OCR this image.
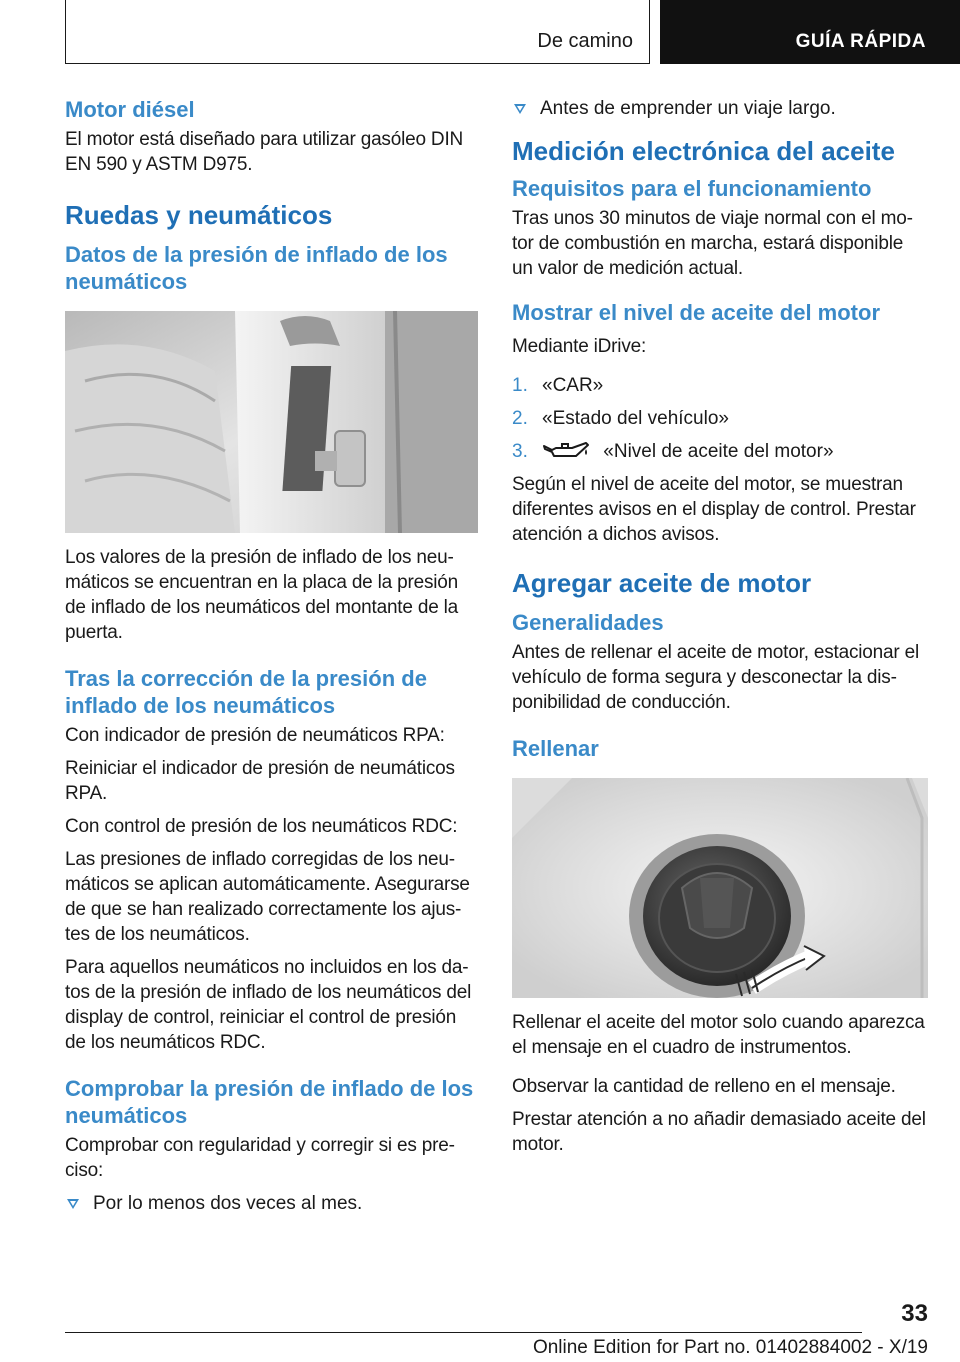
De camino	GUÍA RÁPIDA
Motor diésel

El motor está diseñado para utilizar gasóleo DIN EN 590 y ASTM D975.

Ruedas y neumáticos
Datos de la presión de inflado de los neumáticos

Los valores de la presión de inflado de los neumáticos se encuentran en la placa de la presión de inflado de los neumáticos del montante de la puerta.

Tras la corrección de la presión de inflado de los neumáticos

Con indicador de presión de neumáticos RPA:

Reiniciar el indicador de presión de neumáticos RPA.

Con control de presión de los neumáticos RDC:

Las presiones de inflado corregidas de los neumáticos se aplican automáticamente. Asegurarse de que se han realizado correctamente los ajustes de los neumáticos.

Para aquellos neumáticos no incluidos en los datos de la presión de inflado de los neumáticos del display de control, reiniciar el control de presión de los neumáticos RDC.

Comprobar la presión de inflado de los neumáticos

Comprobar con regularidad y corregir si es preciso:

Por lo menos dos veces al mes.
Antes de emprender un viaje largo.
Medición electrónica del aceite
Requisitos para el funcionamiento

Tras unos 30 minutos de viaje normal con el motor de combustión en marcha, estará disponible un valor de medición actual.

Mostrar el nivel de aceite del motor

Mediante iDrive:

1. «CAR»
2. «Estado del vehículo»
3.	«Nivel de aceite del motor»

Según el nivel de aceite del motor, se muestran diferentes avisos en el display de control. Prestar atención a dichos avisos.

Agregar aceite de motor
Generalidades

Antes de rellenar el aceite de motor, estacionar el vehículo de forma segura y desconectar la disponibilidad de conducción.

Rellenar

Rellenar el aceite del motor solo cuando aparezca el mensaje en el cuadro de instrumentos.

Observar la cantidad de relleno en el mensaje.

Prestar atención a no añadir demasiado aceite del motor.

33
Online Edition for Part no. 01402884002 - X/19
